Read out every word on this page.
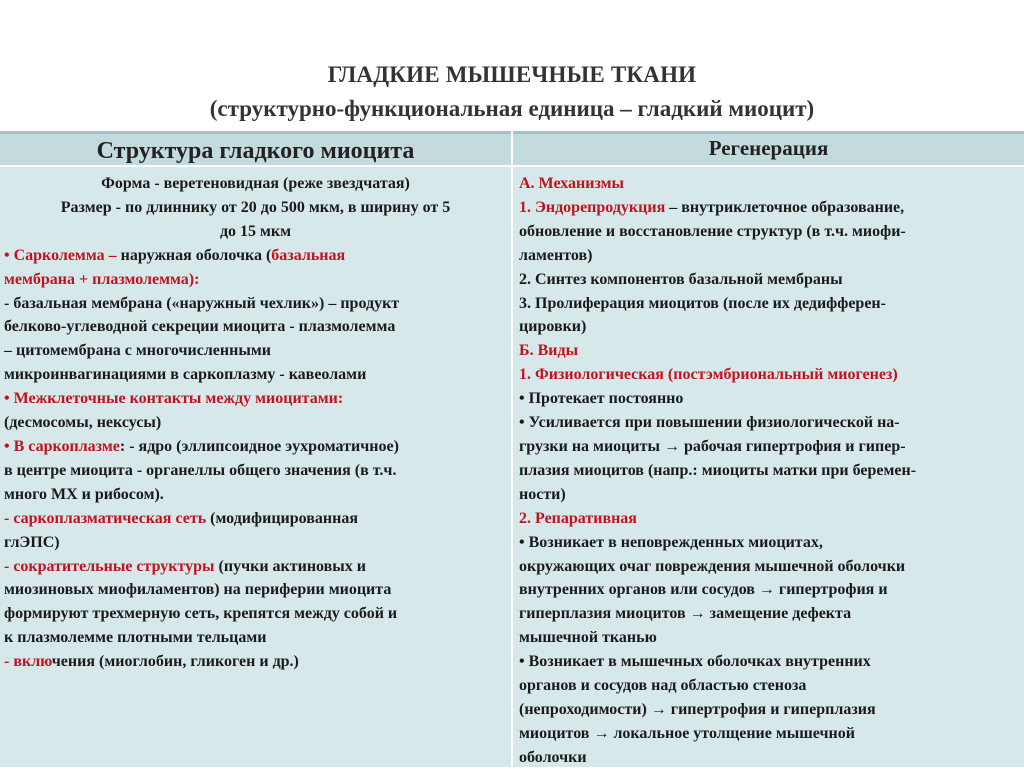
ГЛАДКИЕ МЫШЕЧНЫЕ ТКАНИ
(структурно-функциональная единица – гладкий миоцит)
Структура гладкого миоцита	Регенерация
Форма - веретеновидная (реже звездчатая)
Размер - по длиннику от 20 до 500 мкм, в ширину от 5
до 15 мкм
• Сарколемма – наружная оболочка (базальная
мембрана + плазмолемма):
- базальная мембрана («наружный чехлик») – продукт
белково-углеводной секреции миоцита - плазмолемма
– цитомембрана с многочисленными
микроинвагинациями в саркоплазму - кавеолами
• Межклеточные контакты между миоцитами:
(десмосомы, нексусы)
• В саркоплазме: - ядро (эллипсоидное эухроматичное)
в центре миоцита - органеллы общего значения (в т.ч.
много МХ и рибосом).
- саркоплазматическая сеть (модифицированная
глЭПС)
- сократительные структуры (пучки актиновых и
миозиновых миофиламентов) на периферии миоцита
формируют трехмерную сеть, крепятся между собой и
к плазмолемме плотными тельцами
- включения (миоглобин, гликоген и др.)
А. Механизмы
1. Эндорепродукция – внутриклеточное образование,
обновление и восстановление структур (в т.ч. миофи-
ламентов)
2. Синтез компонентов базальной мембраны
3. Пролиферация миоцитов (после их дедифферен-
цировки)
Б. Виды
1. Физиологическая (постэмбриональный миогенез)
• Протекает постоянно
• Усиливается при повышении физиологической на-
грузки на миоциты → рабочая гипертрофия и гипер-
плазия миоцитов (напр.: миоциты матки при беремен-
ности)
2. Репаративная
• Возникает в неповрежденных миоцитах,
окружающих очаг повреждения мышечной оболочки
внутренних органов или сосудов → гипертрофия и
гиперплазия миоцитов → замещение дефекта
мышечной тканью
• Возникает в мышечных оболочках внутренних
органов и сосудов над областью стеноза
(непроходимости) → гипертрофия и гиперплазия
миоцитов → локальное утолщение мышечной
оболочки
